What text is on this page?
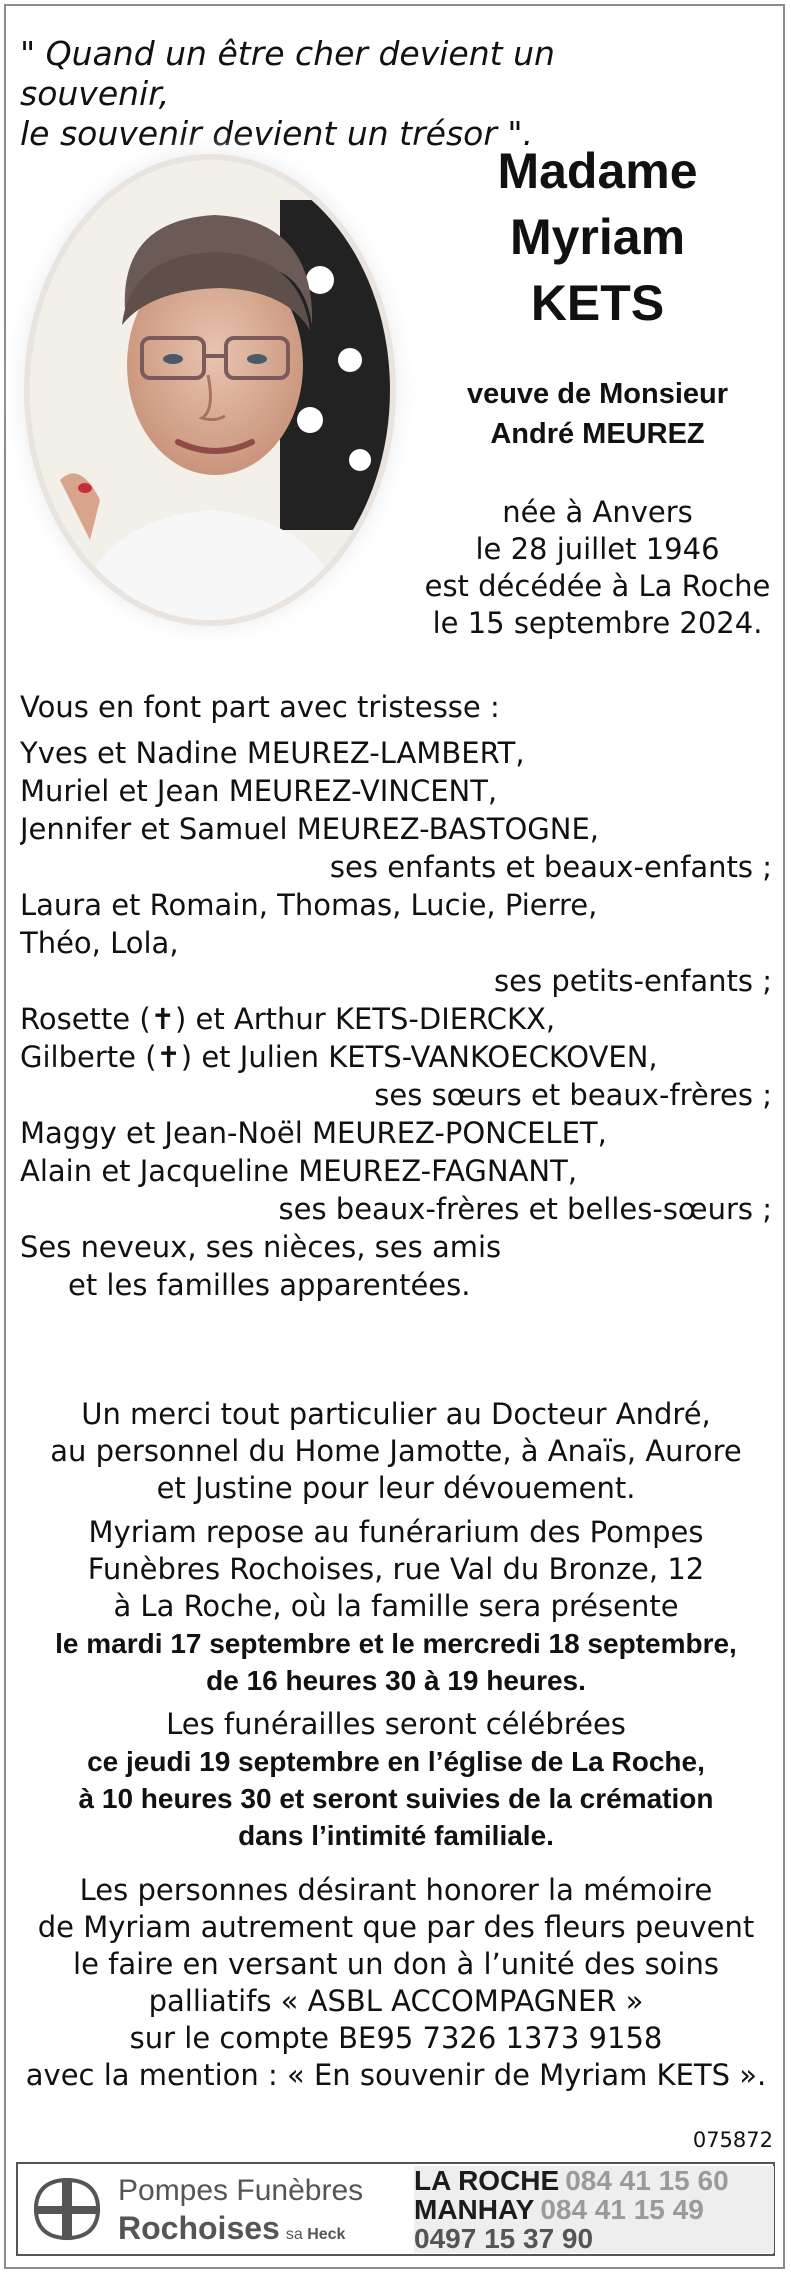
" Quand un être cher devient un souvenir,
le souvenir devient un trésor ".
Madame
Myriam
KETS
veuve de Monsieur
André MEUREZ
née à Anvers
le 28 juillet 1946
est décédée à La Roche
le 15 septembre 2024.
Vous en font part avec tristesse :
Yves et Nadine MEUREZ-LAMBERT,
Muriel et Jean MEUREZ-VINCENT,
Jennifer et Samuel MEUREZ-BASTOGNE,
ses enfants et beaux-enfants ;
Laura et Romain, Thomas, Lucie, Pierre,
Théo, Lola,
ses petits-enfants ;
Rosette (✝) et Arthur KETS-DIERCKX,
Gilberte (✝) et Julien KETS-VANKOECKOVEN,
ses sœurs et beaux-frères ;
Maggy et Jean-Noël MEUREZ-PONCELET,
Alain et Jacqueline MEUREZ-FAGNANT,
ses beaux-frères et belles-sœurs ;
Ses neveux, ses nièces, ses amis
et les familles apparentées.
Un merci tout particulier au Docteur André,
au personnel du Home Jamotte, à Anaïs, Aurore
et Justine pour leur dévouement.
Myriam repose au funérarium des Pompes
Funèbres Rochoises, rue Val du Bronze, 12
à La Roche, où la famille sera présente
le mardi 17 septembre et le mercredi 18 septembre,
de 16 heures 30 à 19 heures.
Les funérailles seront célébrées
ce jeudi 19 septembre en l’église de La Roche,
à 10 heures 30 et seront suivies de la crémation
dans l’intimité familiale.
Les personnes désirant honorer la mémoire
de Myriam autrement que par des fleurs peuvent
le faire en versant un don à l’unité des soins
palliatifs « ASBL ACCOMPAGNER »
sur le compte BE95 7326 1373 9158
avec la mention : « En souvenir de Myriam KETS ».
075872
Pompes Funèbres
Rochoises sa Heck
LA ROCHE 084 41 15 60
MANHAY 084 41 15 49
0497 15 37 90
